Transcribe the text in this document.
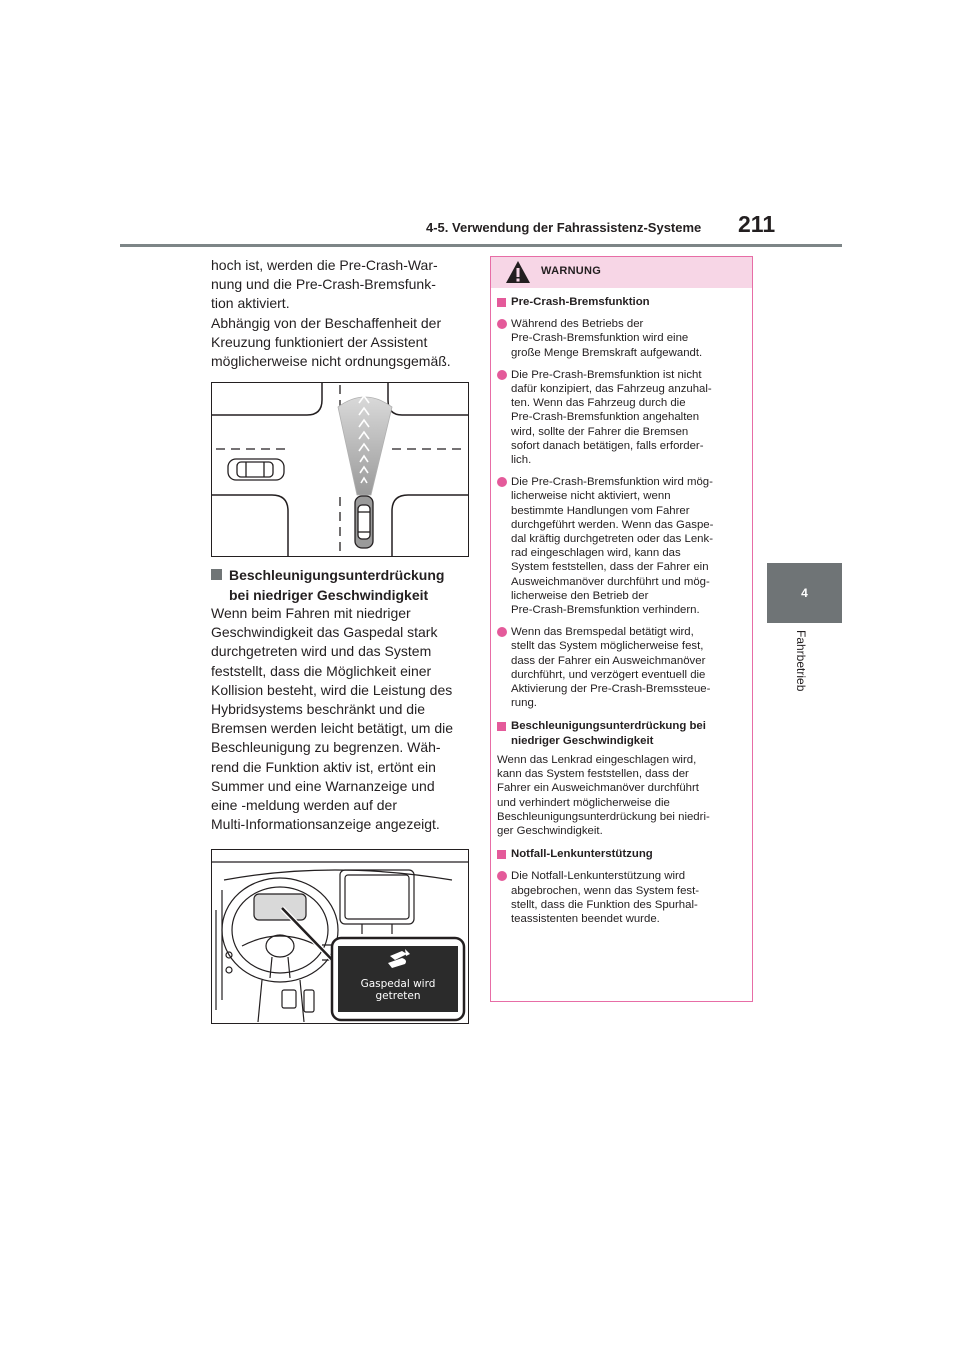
4-5. Verwendung der Fahrassistenz-Systeme 211
4
Fahrbetrieb
hoch ist, werden die Pre-Crash-War-
nung und die Pre-Crash-Bremsfunk-
tion aktiviert.
Abhängig von der Beschaffenheit der
Kreuzung funktioniert der Assistent
möglicherweise nicht ordnungsgemäß.
Beschleunigungsunterdrückung
bei niedriger Geschwindigkeit
Wenn beim Fahren mit niedriger
Geschwindigkeit das Gaspedal stark
durchgetreten wird und das System
feststellt, dass die Möglichkeit einer
Kollision besteht, wird die Leistung des
Hybridsystems beschränkt und die
Bremsen werden leicht betätigt, um die
Beschleunigung zu begrenzen. Wäh-
rend die Funktion aktiv ist, ertönt ein
Summer und eine Warnanzeige und
eine -meldung werden auf der
Multi-Informationsanzeige angezeigt.
Gaspedal wird
getreten
WARNUNG
Pre-Crash-Bremsfunktion
Während des Betriebs der
Pre-Crash-Bremsfunktion wird eine
große Menge Bremskraft aufgewandt.
Die Pre-Crash-Bremsfunktion ist nicht
dafür konzipiert, das Fahrzeug anzuhal-
ten. Wenn das Fahrzeug durch die
Pre-Crash-Bremsfunktion angehalten
wird, sollte der Fahrer die Bremsen
sofort danach betätigen, falls erforder-
lich.
Die Pre-Crash-Bremsfunktion wird mög-
licherweise nicht aktiviert, wenn
bestimmte Handlungen vom Fahrer
durchgeführt werden. Wenn das Gaspe-
dal kräftig durchgetreten oder das Lenk-
rad eingeschlagen wird, kann das
System feststellen, dass der Fahrer ein
Ausweichmanöver durchführt und mög-
licherweise den Betrieb der
Pre-Crash-Bremsfunktion verhindern.
Wenn das Bremspedal betätigt wird,
stellt das System möglicherweise fest,
dass der Fahrer ein Ausweichmanöver
durchführt, und verzögert eventuell die
Aktivierung der Pre-Crash-Bremssteue-
rung.
Beschleunigungsunterdrückung bei
niedriger Geschwindigkeit
Wenn das Lenkrad eingeschlagen wird,
kann das System feststellen, dass der
Fahrer ein Ausweichmanöver durchführt
und verhindert möglicherweise die
Beschleunigungsunterdrückung bei niedri-
ger Geschwindigkeit.
Notfall-Lenkunterstützung
Die Notfall-Lenkunterstützung wird
abgebrochen, wenn das System fest-
stellt, dass die Funktion des Spurhal-
teassistenten beendet wurde.
